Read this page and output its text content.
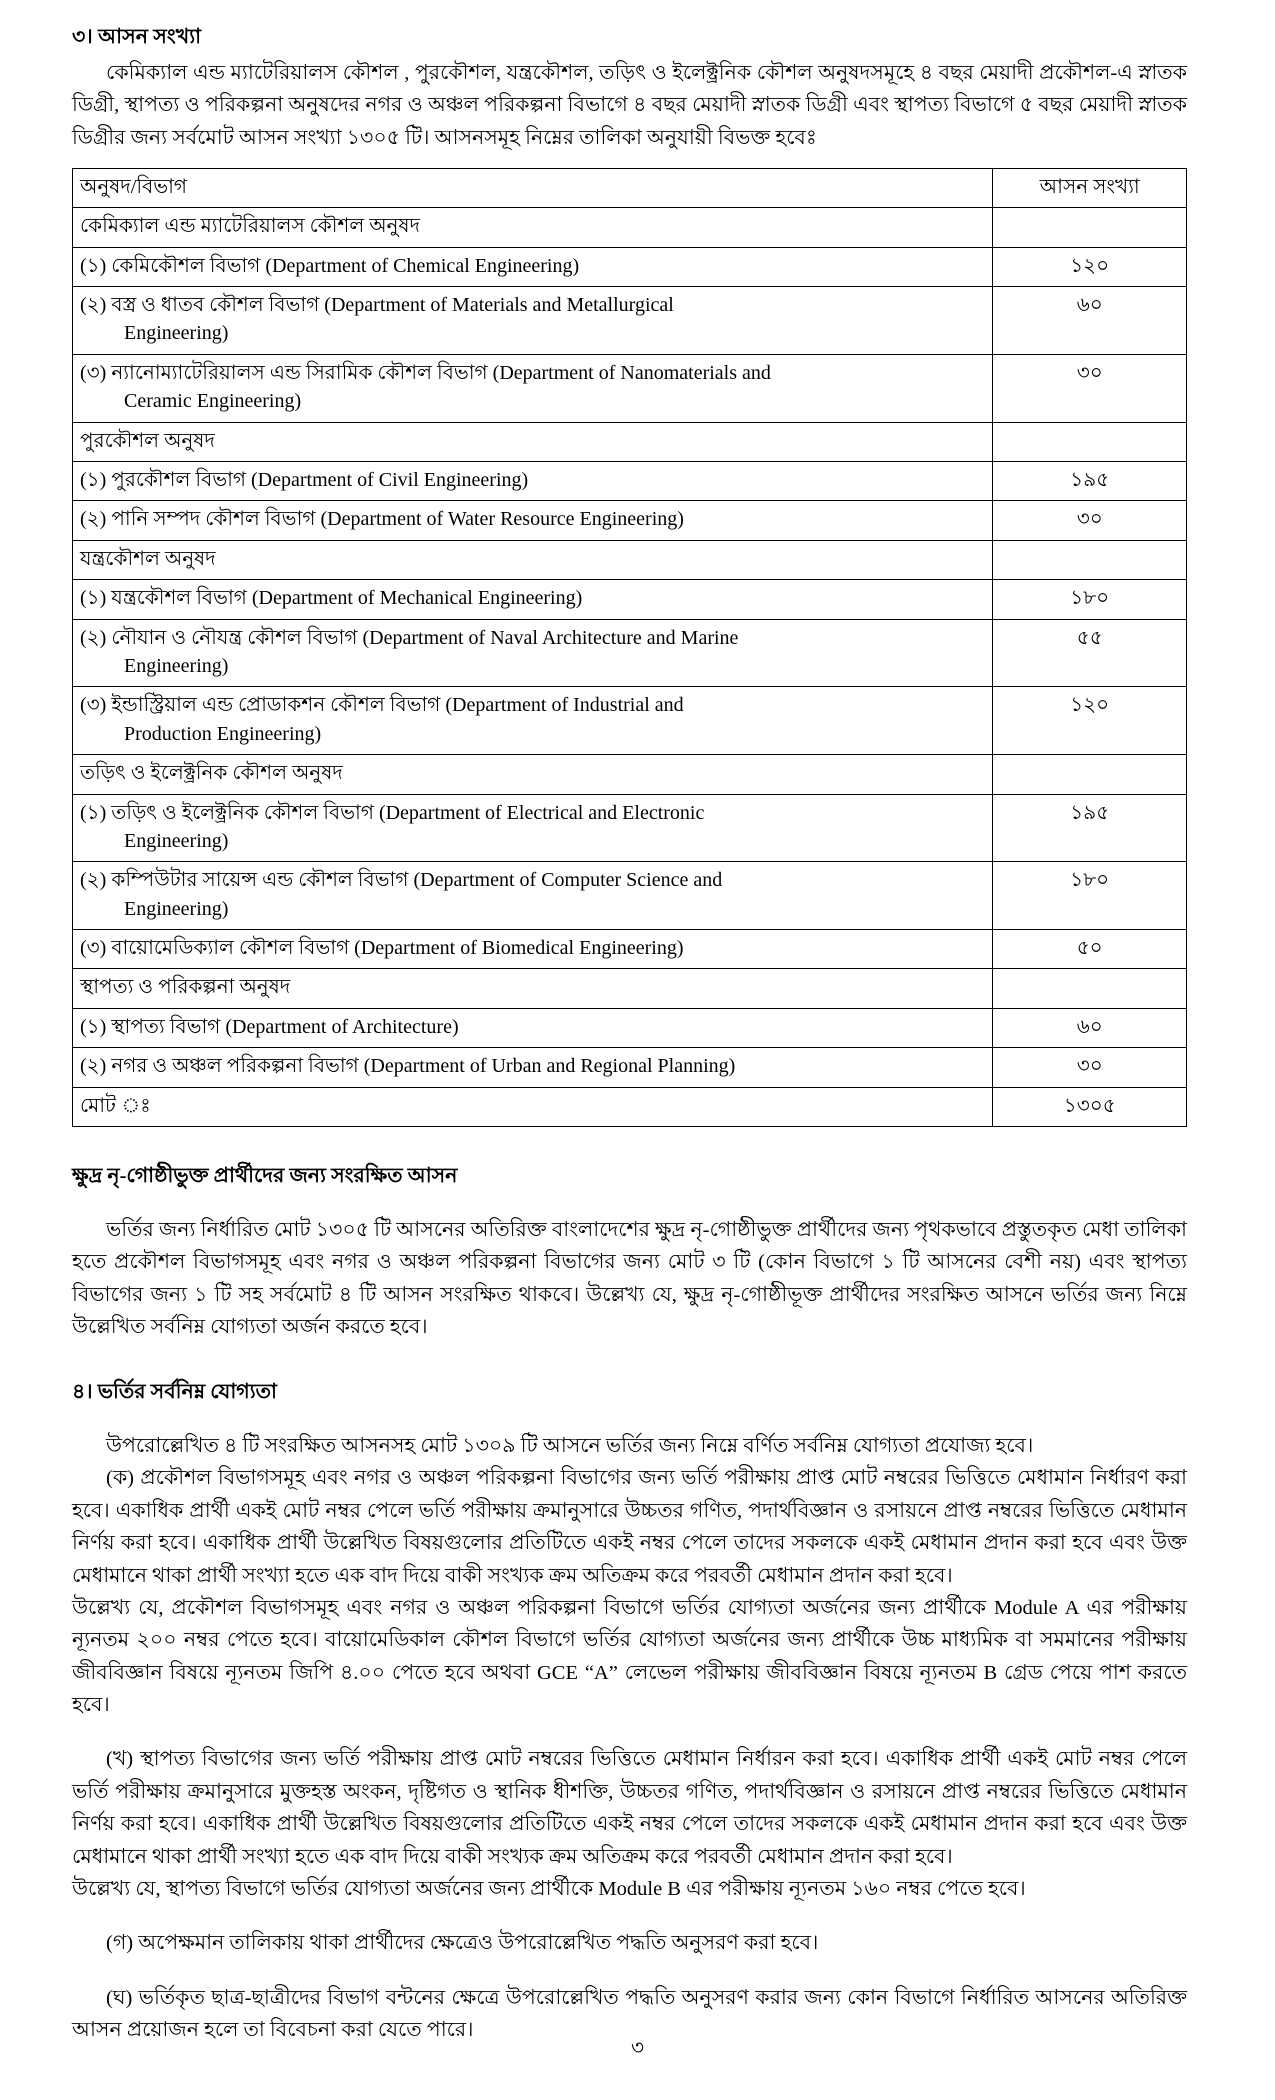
৩। আসন সংখ্যা

কেমিক্যাল এন্ড ম্যাটেরিয়ালস কৌশল , পুরকৌশল, যন্ত্রকৌশল, তড়িৎ ও ইলেক্ট্রনিক কৌশল অনুষদসমূহে ৪ বছর মেয়াদী প্রকৌশল-এ স্নাতক ডিগ্রী, স্থাপত্য ও পরিকল্পনা অনুষদের নগর ও অঞ্চল পরিকল্পনা বিভাগে ৪ বছর মেয়াদী স্নাতক ডিগ্রী এবং স্থাপত্য বিভাগে ৫ বছর মেয়াদী স্নাতক ডিগ্রীর জন্য সর্বমোট আসন সংখ্যা ১৩০৫ টি। আসনসমূহ নিম্নের তালিকা অনুযায়ী বিভক্ত হবেঃ

অনুষদ/বিভাগ	আসন সংখ্যা
কেমিক্যাল এন্ড ম্যাটেরিয়ালস কৌশল অনুষদ	

(১) কেমিকৌশল বিভাগ (Department of Chemical Engineering)	১২০

(২) বস্ত্র ও ধাতব কৌশল বিভাগ (Department of Materials and Metallurgical
Engineering)	৬০

(৩) ন্যানোম্যাটেরিয়ালস এন্ড সিরামিক কৌশল বিভাগ (Department of Nanomaterials and
Ceramic Engineering)	৩০
পুরকৌশল অনুষদ	

(১) পুরকৌশল বিভাগ (Department of Civil Engineering)	১৯৫

(২) পানি সম্পদ কৌশল বিভাগ (Department of Water Resource Engineering)	৩০
যন্ত্রকৌশল অনুষদ	

(১) যন্ত্রকৌশল বিভাগ (Department of Mechanical Engineering)	১৮০

(২) নৌযান ও নৌযন্ত্র কৌশল বিভাগ (Department of Naval Architecture and Marine
Engineering)	৫৫

(৩) ইন্ডাস্ট্রিয়াল এন্ড প্রোডাকশন কৌশল বিভাগ (Department of Industrial and
Production Engineering)	১২০
তড়িৎ ও ইলেক্ট্রনিক কৌশল অনুষদ	

(১) তড়িৎ ও ইলেক্ট্রনিক কৌশল বিভাগ (Department of Electrical and Electronic
Engineering)	১৯৫

(২) কম্পিউটার সায়েন্স এন্ড কৌশল বিভাগ (Department of Computer Science and
Engineering)	১৮০

(৩) বায়োমেডিক্যাল কৌশল বিভাগ (Department of Biomedical Engineering)	৫০
স্থাপত্য ও পরিকল্পনা অনুষদ	

(১) স্থাপত্য বিভাগ (Department of Architecture)	৬০

(২) নগর ও অঞ্চল পরিকল্পনা বিভাগ (Department of Urban and Regional Planning)	৩০
মোট ঃ	১৩০৫
ক্ষুদ্র নৃ-গোষ্ঠীভুক্ত প্রার্থীদের জন্য সংরক্ষিত আসন

ভর্তির জন্য নির্ধারিত মোট ১৩০৫ টি আসনের অতিরিক্ত বাংলাদেশের ক্ষুদ্র নৃ-গোষ্ঠীভুক্ত প্রার্থীদের জন্য পৃথকভাবে প্রস্তুতকৃত মেধা তালিকা হতে প্রকৌশল বিভাগসমূহ এবং নগর ও অঞ্চল পরিকল্পনা বিভাগের জন্য মোট ৩ টি (কোন বিভাগে ১ টি আসনের বেশী নয়) এবং স্থাপত্য বিভাগের জন্য ১ টি সহ সর্বমোট ৪ টি আসন সংরক্ষিত থাকবে। উল্লেখ্য যে, ক্ষুদ্র নৃ-গোষ্ঠীভূক্ত প্রার্থীদের সংরক্ষিত আসনে ভর্তির জন্য নিম্নে উল্লেখিত সর্বনিম্ন যোগ্যতা অর্জন করতে হবে।

৪। ভর্তির সর্বনিম্ন যোগ্যতা

উপরোল্লেখিত ৪ টি সংরক্ষিত আসনসহ মোট ১৩০৯ টি আসনে ভর্তির জন্য নিম্নে বর্ণিত সর্বনিম্ন যোগ্যতা প্রযোজ্য হবে।

(ক) প্রকৌশল বিভাগসমূহ এবং নগর ও অঞ্চল পরিকল্পনা বিভাগের জন্য ভর্তি পরীক্ষায় প্রাপ্ত মোট নম্বরের ভিত্তিতে মেধামান নির্ধারণ করা হবে। একাধিক প্রার্থী একই মোট নম্বর পেলে ভর্তি পরীক্ষায় ক্রমানুসারে উচ্চতর গণিত, পদার্থবিজ্ঞান ও রসায়নে প্রাপ্ত নম্বরের ভিত্তিতে মেধামান নির্ণয় করা হবে। একাধিক প্রার্থী উল্লেখিত বিষয়গুলোর প্রতিটিতে একই নম্বর পেলে তাদের সকলকে একই মেধামান প্রদান করা হবে এবং উক্ত মেধামানে থাকা প্রার্থী সংখ্যা হতে এক বাদ দিয়ে বাকী সংখ্যক ক্রম অতিক্রম করে পরবর্তী মেধামান প্রদান করা হবে।

উল্লেখ্য যে, প্রকৌশল বিভাগসমূহ এবং নগর ও অঞ্চল পরিকল্পনা বিভাগে ভর্তির যোগ্যতা অর্জনের জন্য প্রার্থীকে Module A এর পরীক্ষায় ন্যূনতম ২০০ নম্বর পেতে হবে। বায়োমেডিকাল কৌশল বিভাগে ভর্তির যোগ্যতা অর্জনের জন্য প্রার্থীকে উচ্চ মাধ্যমিক বা সমমানের পরীক্ষায় জীববিজ্ঞান বিষয়ে ন্যূনতম জিপি ৪.০০ পেতে হবে অথবা GCE “A” লেভেল পরীক্ষায় জীববিজ্ঞান বিষয়ে ন্যূনতম B গ্রেড পেয়ে পাশ করতে হবে।

(খ) স্থাপত্য বিভাগের জন্য ভর্তি পরীক্ষায় প্রাপ্ত মোট নম্বরের ভিত্তিতে মেধামান নির্ধারন করা হবে। একাধিক প্রার্থী একই মোট নম্বর পেলে ভর্তি পরীক্ষায় ক্রমানুসারে মুক্তহস্ত অংকন, দৃষ্টিগত ও স্থানিক ধীশক্তি, উচ্চতর গণিত, পদার্থবিজ্ঞান ও রসায়নে প্রাপ্ত নম্বরের ভিত্তিতে মেধামান নির্ণয় করা হবে। একাধিক প্রার্থী উল্লেখিত বিষয়গুলোর প্রতিটিতে একই নম্বর পেলে তাদের সকলকে একই মেধামান প্রদান করা হবে এবং উক্ত মেধামানে থাকা প্রার্থী সংখ্যা হতে এক বাদ দিয়ে বাকী সংখ্যক ক্রম অতিক্রম করে পরবর্তী মেধামান প্রদান করা হবে।

উল্লেখ্য যে, স্থাপত্য বিভাগে ভর্তির যোগ্যতা অর্জনের জন্য প্রার্থীকে Module B এর পরীক্ষায় ন্যূনতম ১৬০ নম্বর পেতে হবে।

(গ) অপেক্ষমান তালিকায় থাকা প্রার্থীদের ক্ষেত্রেও উপরোল্লেখিত পদ্ধতি অনুসরণ করা হবে।

(ঘ) ভর্তিকৃত ছাত্র-ছাত্রীদের বিভাগ বন্টনের ক্ষেত্রে উপরোল্লেখিত পদ্ধতি অনুসরণ করার জন্য কোন বিভাগে নির্ধারিত আসনের অতিরিক্ত আসন প্রয়োজন হলে তা বিবেচনা করা যেতে পারে।

৩
